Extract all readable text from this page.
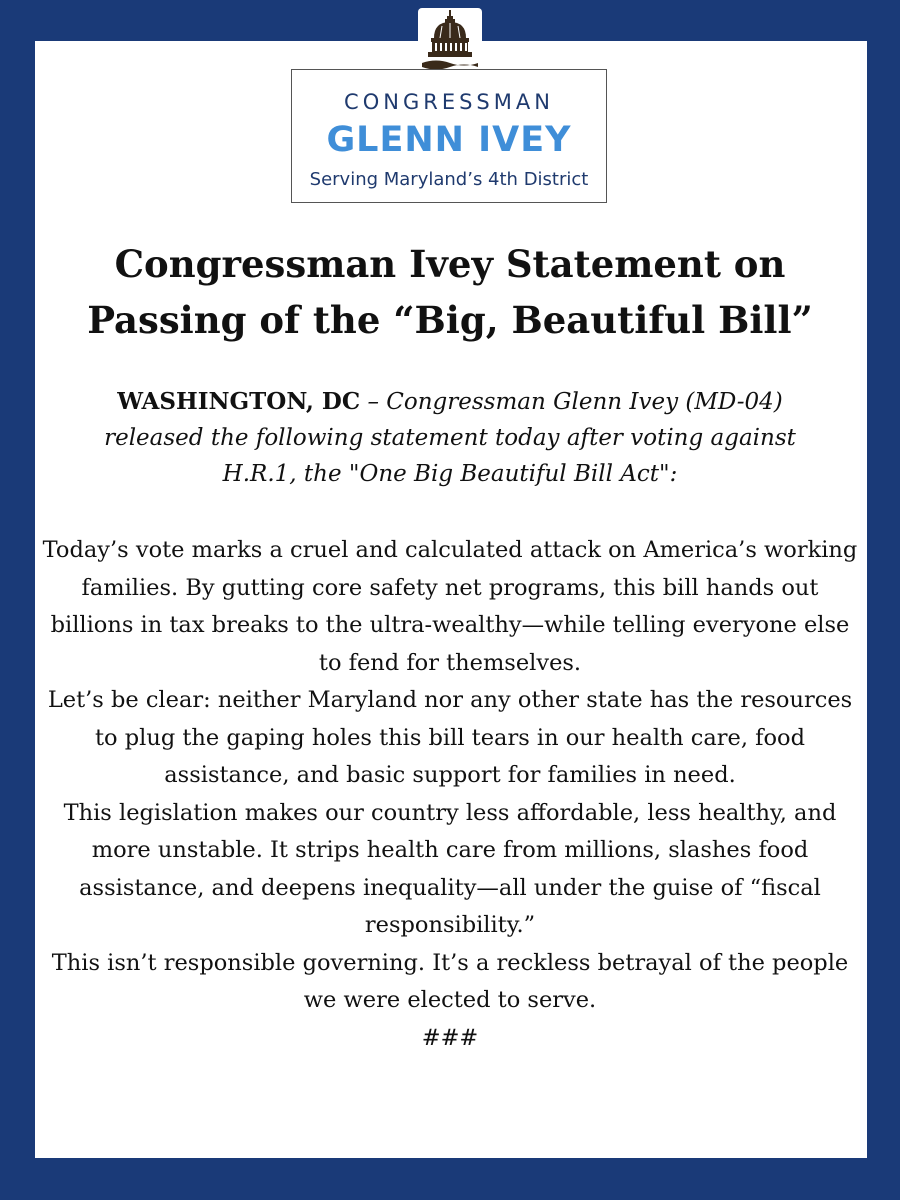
CONGRESSMAN
GLENN IVEY
Serving Maryland’s 4th District
Congressman Ivey Statement on
Passing of the “Big, Beautiful Bill”
WASHINGTON, DC – Congressman Glenn Ivey (MD-04)
released the following statement today after voting against
H.R.1, the "One Big Beautiful Bill Act":

Today’s vote marks a cruel and calculated attack on America’s working families. By gutting core safety net programs, this bill hands out billions in tax breaks to the ultra-wealthy—while telling everyone else to fend for themselves.

Let’s be clear: neither Maryland nor any other state has the resources to plug the gaping holes this bill tears in our health care, food assistance, and basic support for families in need.

This legislation makes our country less affordable, less healthy, and more unstable. It strips health care from millions, slashes food assistance, and deepens inequality—all under the guise of “fiscal responsibility.”

This isn’t responsible governing. It’s a reckless betrayal of the people we were elected to serve.

###
